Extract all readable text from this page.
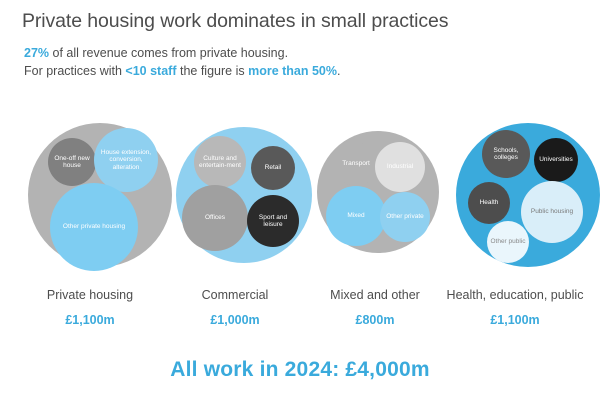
Private housing work dominates in small practices
27% of all revenue comes from private housing.
For practices with <10 staff the figure is more than 50%.
One-off new house
House extension, conversion, alteration
Other private housing
Culture and entertain-ment	Retail
Offices	Sport and leisure
Transport	Industrial
Mixed	Other private
Schools, colleges	Universities
Health
Public housing
Other public
Private housing
£1,100m
Commercial
£1,000m
Mixed and other
£800m
Health, education, public
£1,100m
All work in 2024: £4,000m
